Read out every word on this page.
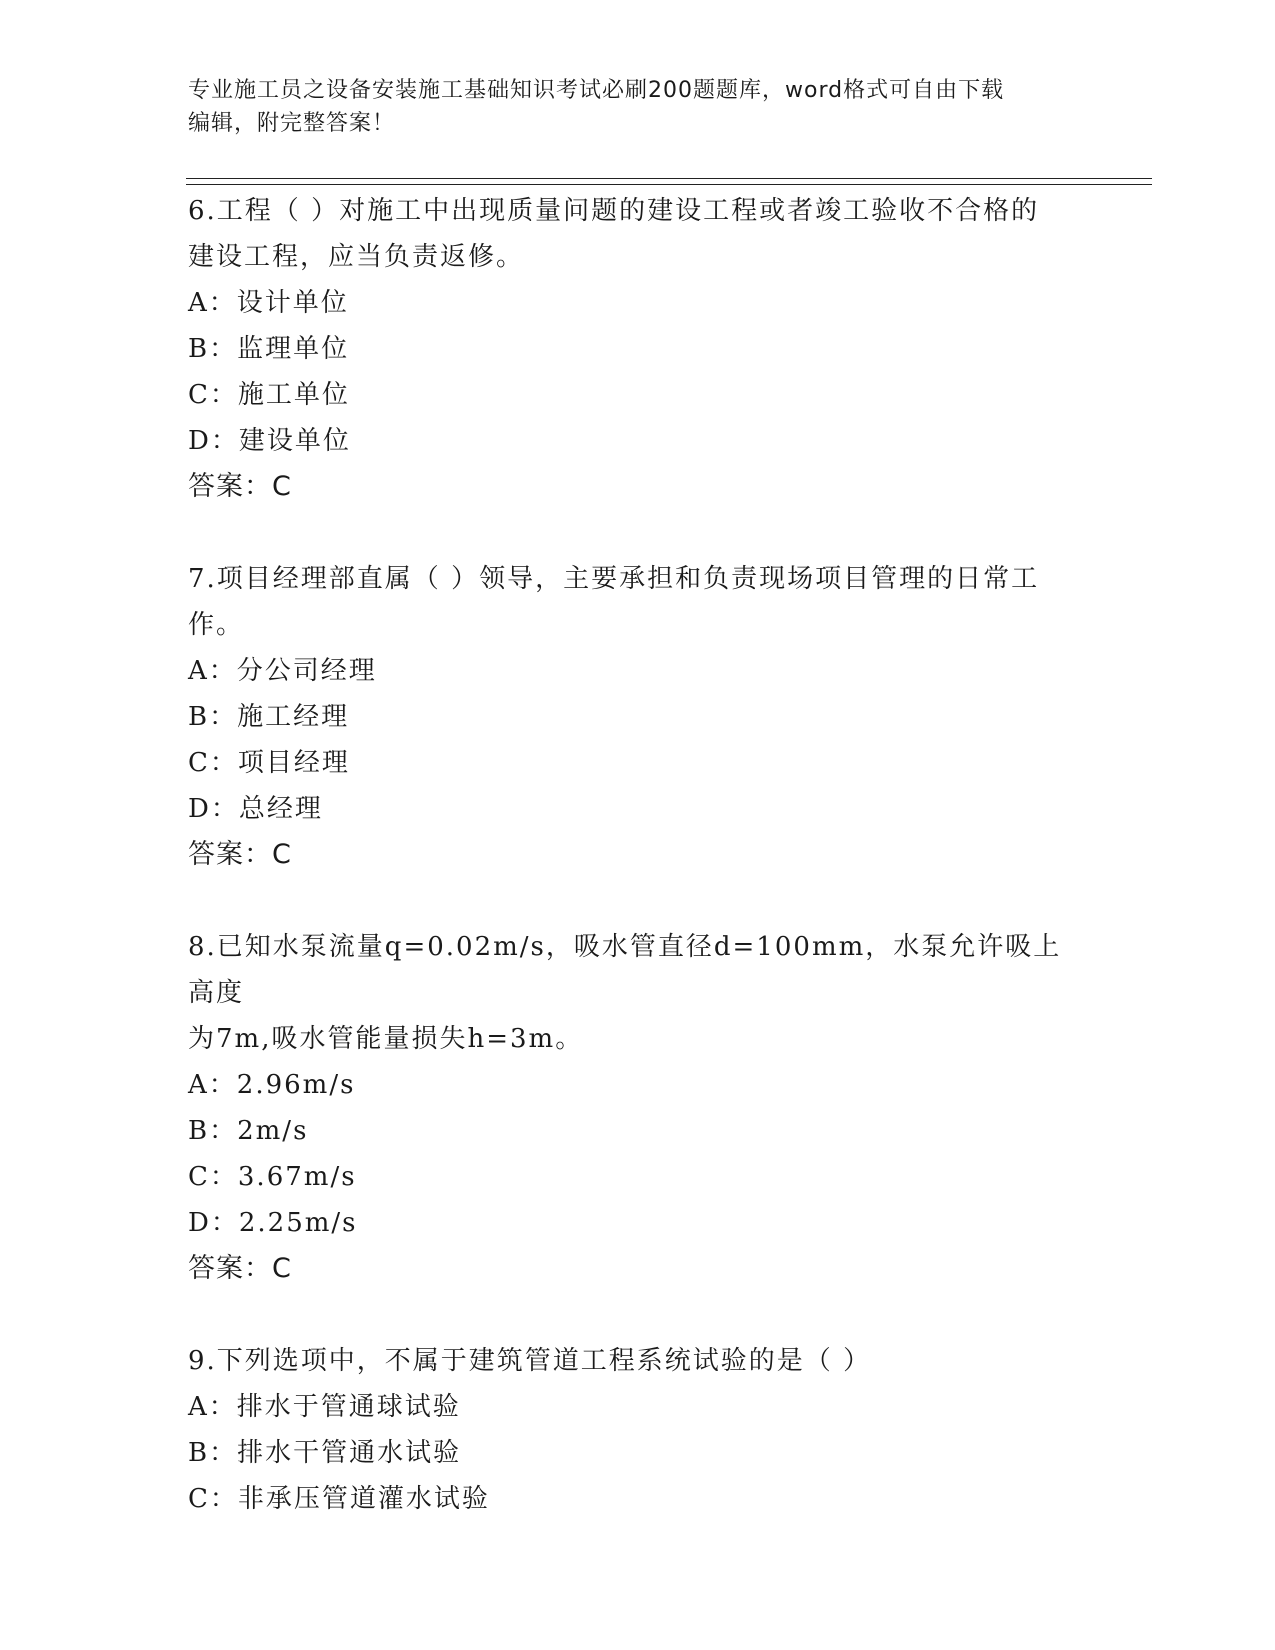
专业施工员之设备安装施工基础知识考试必刷200题题库，word格式可自由下载
编辑，附完整答案！

6.工程（ ）对施工中出现质量问题的建设工程或者竣工验收不合格的

建设工程，应当负责返修。

A：设计单位

B：监理单位

C：施工单位

D：建设单位

答案：C

7.项目经理部直属（ ）领导，主要承担和负责现场项目管理的日常工

作。

A：分公司经理

B：施工经理

C：项目经理

D：总经理

答案：C

8.已知水泵流量q=0.02m/s，吸水管直径d=100mm，水泵允许吸上高度

为7m,吸水管能量损失h=3m。

A：2.96m/s

B：2m/s

C：3.67m/s

D：2.25m/s

答案：C

9.下列选项中，不属于建筑管道工程系统试验的是（ ）

A：排水于管通球试验

B：排水干管通水试验

C：非承压管道灌水试验
